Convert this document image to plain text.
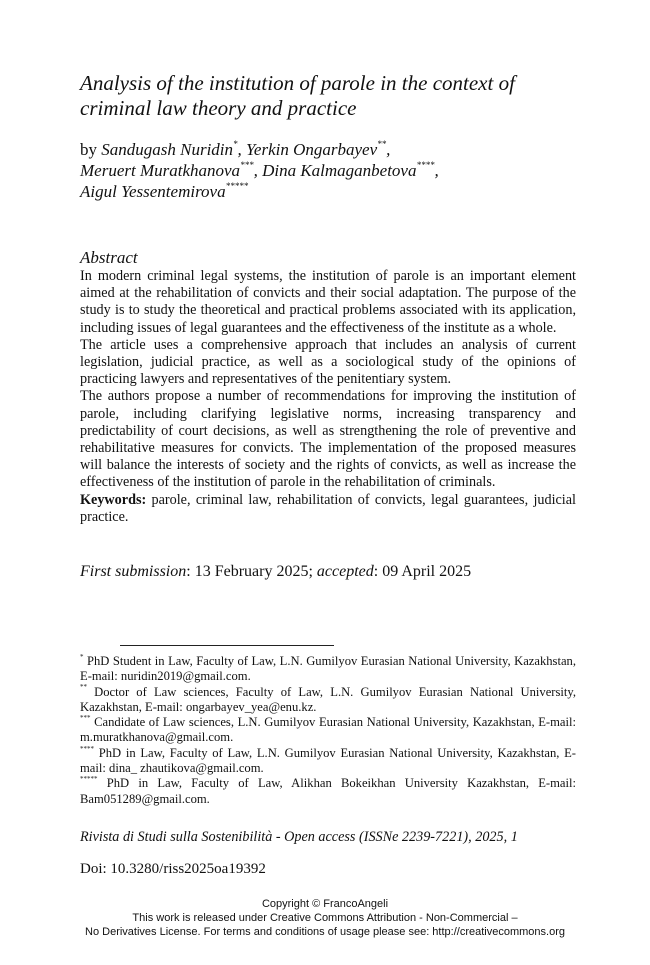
Analysis of the institution of parole in the context of criminal law theory and practice
by Sandugash Nuridin*, Yerkin Ongarbayev**,
Meruert Muratkhanova***, Dina Kalmaganbetova****,
Aigul Yessentemirova*****
Abstract

In modern criminal legal systems, the institution of parole is an important element aimed at the rehabilitation of convicts and their social adaptation. The purpose of the study is to study the theoretical and practical problems associated with its application, including issues of legal guarantees and the effectiveness of the institute as a whole.

The article uses a comprehensive approach that includes an analysis of current legislation, judicial practice, as well as a sociological study of the opinions of practicing lawyers and representatives of the penitentiary system.

The authors propose a number of recommendations for improving the institution of parole, including clarifying legislative norms, increasing transparency and predictability of court decisions, as well as strengthening the role of preventive and rehabilitative measures for convicts. The implementation of the proposed measures will balance the interests of society and the rights of convicts, as well as increase the effectiveness of the institution of parole in the rehabilitation of criminals.

Keywords: parole, criminal law, rehabilitation of convicts, legal guarantees, judicial practice.

First submission: 13 February 2025; accepted: 09 April 2025

* PhD Student in Law, Faculty of Law, L.N. Gumilyov Eurasian National University, Kazakhstan, E-mail: nuridin2019@gmail.com.

** Doctor of Law sciences, Faculty of Law, L.N. Gumilyov Eurasian National University, Kazakhstan, E-mail: ongarbayev_yea@enu.kz.

*** Candidate of Law sciences, L.N. Gumilyov Eurasian National University, Kazakhstan, E-mail: m.muratkhanova@gmail.com.

**** PhD in Law, Faculty of Law, L.N. Gumilyov Eurasian National University, Kazakhstan, E-mail: dina_ zhautikova@gmail.com.

***** PhD in Law, Faculty of Law, Alikhan Bokeikhan University Kazakhstan, E-mail: Bam051289@gmail.com.

Rivista di Studi sulla Sostenibilità - Open access (ISSNe 2239-7221), 2025, 1
Doi: 10.3280/riss2025oa19392
Copyright © FrancoAngeli
This work is released under Creative Commons Attribution - Non-Commercial –
No Derivatives License. For terms and conditions of usage please see: http://creativecommons.org
